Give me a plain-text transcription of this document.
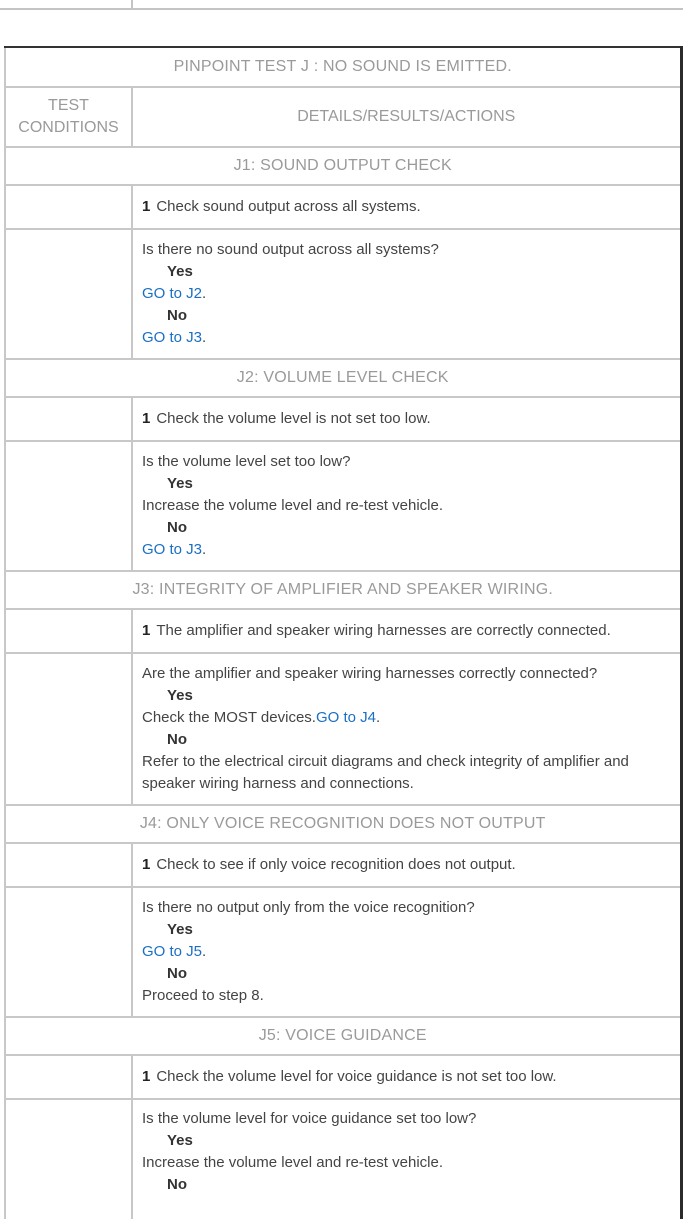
PINPOINT TEST J : NO SOUND IS EMITTED.	
TEST
CONDITIONS	DETAILS/RESULTS/ACTIONS
J1: SOUND OUTPUT CHECK	
	1 Check sound output across all systems.

	Is there no sound output across all systems?
Yes
GO to J2.
No
GO to J3.

J2: VOLUME LEVEL CHECK	
	1 Check the volume level is not set too low.

	Is the volume level set too low?
Yes
Increase the volume level and re-test vehicle.
No
GO to J3.

J3: INTEGRITY OF AMPLIFIER AND SPEAKER WIRING.	
	1 The amplifier and speaker wiring harnesses are correctly connected.

	Are the amplifier and speaker wiring harnesses correctly connected?
Yes
Check the MOST devices.GO to J4.
No
Refer to the electrical circuit diagrams and check integrity of amplifier and speaker wiring harness and connections.

J4: ONLY VOICE RECOGNITION DOES NOT OUTPUT	
	1 Check to see if only voice recognition does not output.

	Is there no output only from the voice recognition?
Yes
GO to J5.
No
Proceed to step 8.

J5: VOICE GUIDANCE	
	1 Check the volume level for voice guidance is not set too low.

	Is the volume level for voice guidance set too low?
Yes
Increase the volume level and re-test vehicle.
No
